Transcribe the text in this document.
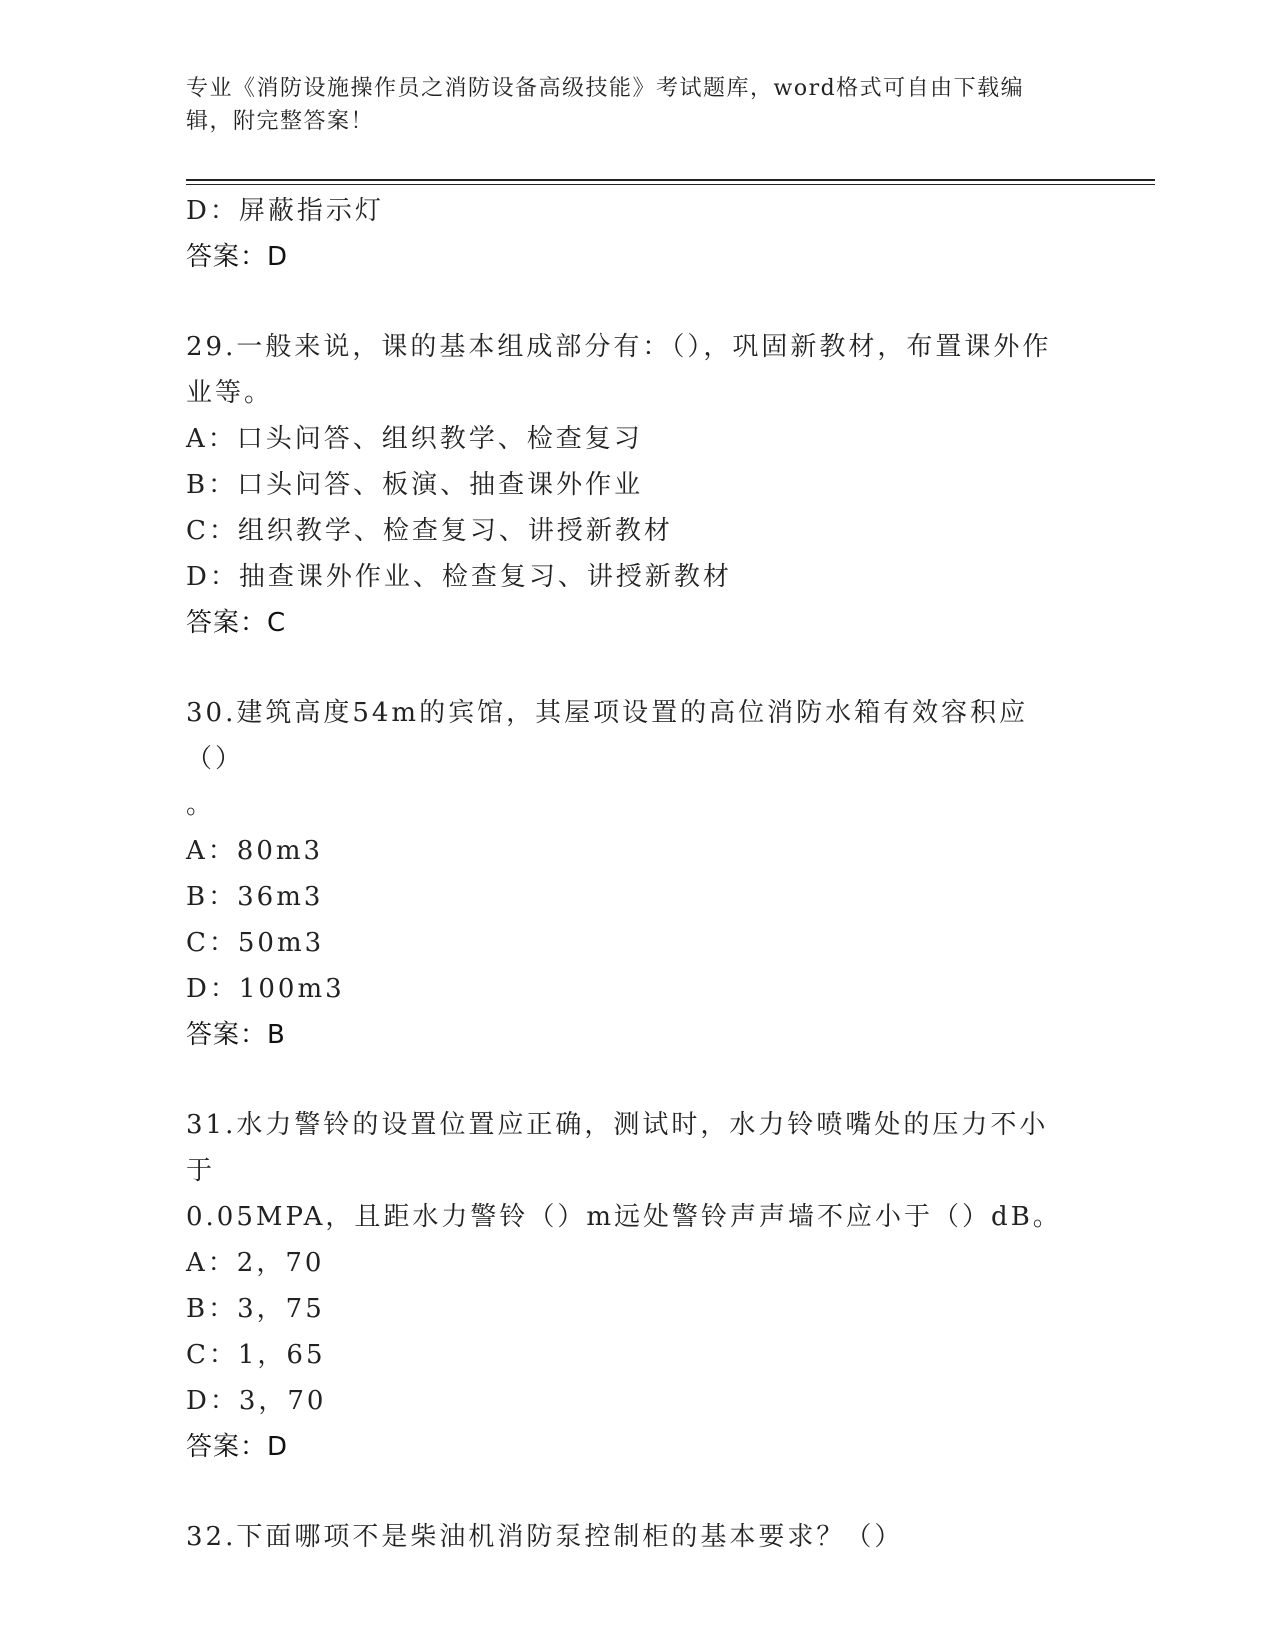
专业《消防设施操作员之消防设备高级技能》考试题库，word格式可自由下载编辑，附完整答案！
D：屏蔽指示灯
答案：D
29.一般来说，课的基本组成部分有：（），巩固新教材，布置课外作
业等。
A：口头问答、组织教学、检查复习
B：口头问答、板演、抽查课外作业
C：组织教学、检查复习、讲授新教材
D：抽查课外作业、检查复习、讲授新教材
答案：C
30.建筑高度54m的宾馆，其屋项设置的高位消防水箱有效容积应（）
。
A：80m3
B：36m3
C：50m3
D：100m3
答案：B
31.水力警铃的设置位置应正确，测试时，水力铃喷嘴处的压力不小于
0.05MPA，且距水力警铃（）m远处警铃声声墙不应小于（）dB。
A：2，70
B：3，75
C：1，65
D：3，70
答案：D
32.下面哪项不是柴油机消防泵控制柜的基本要求？（）
